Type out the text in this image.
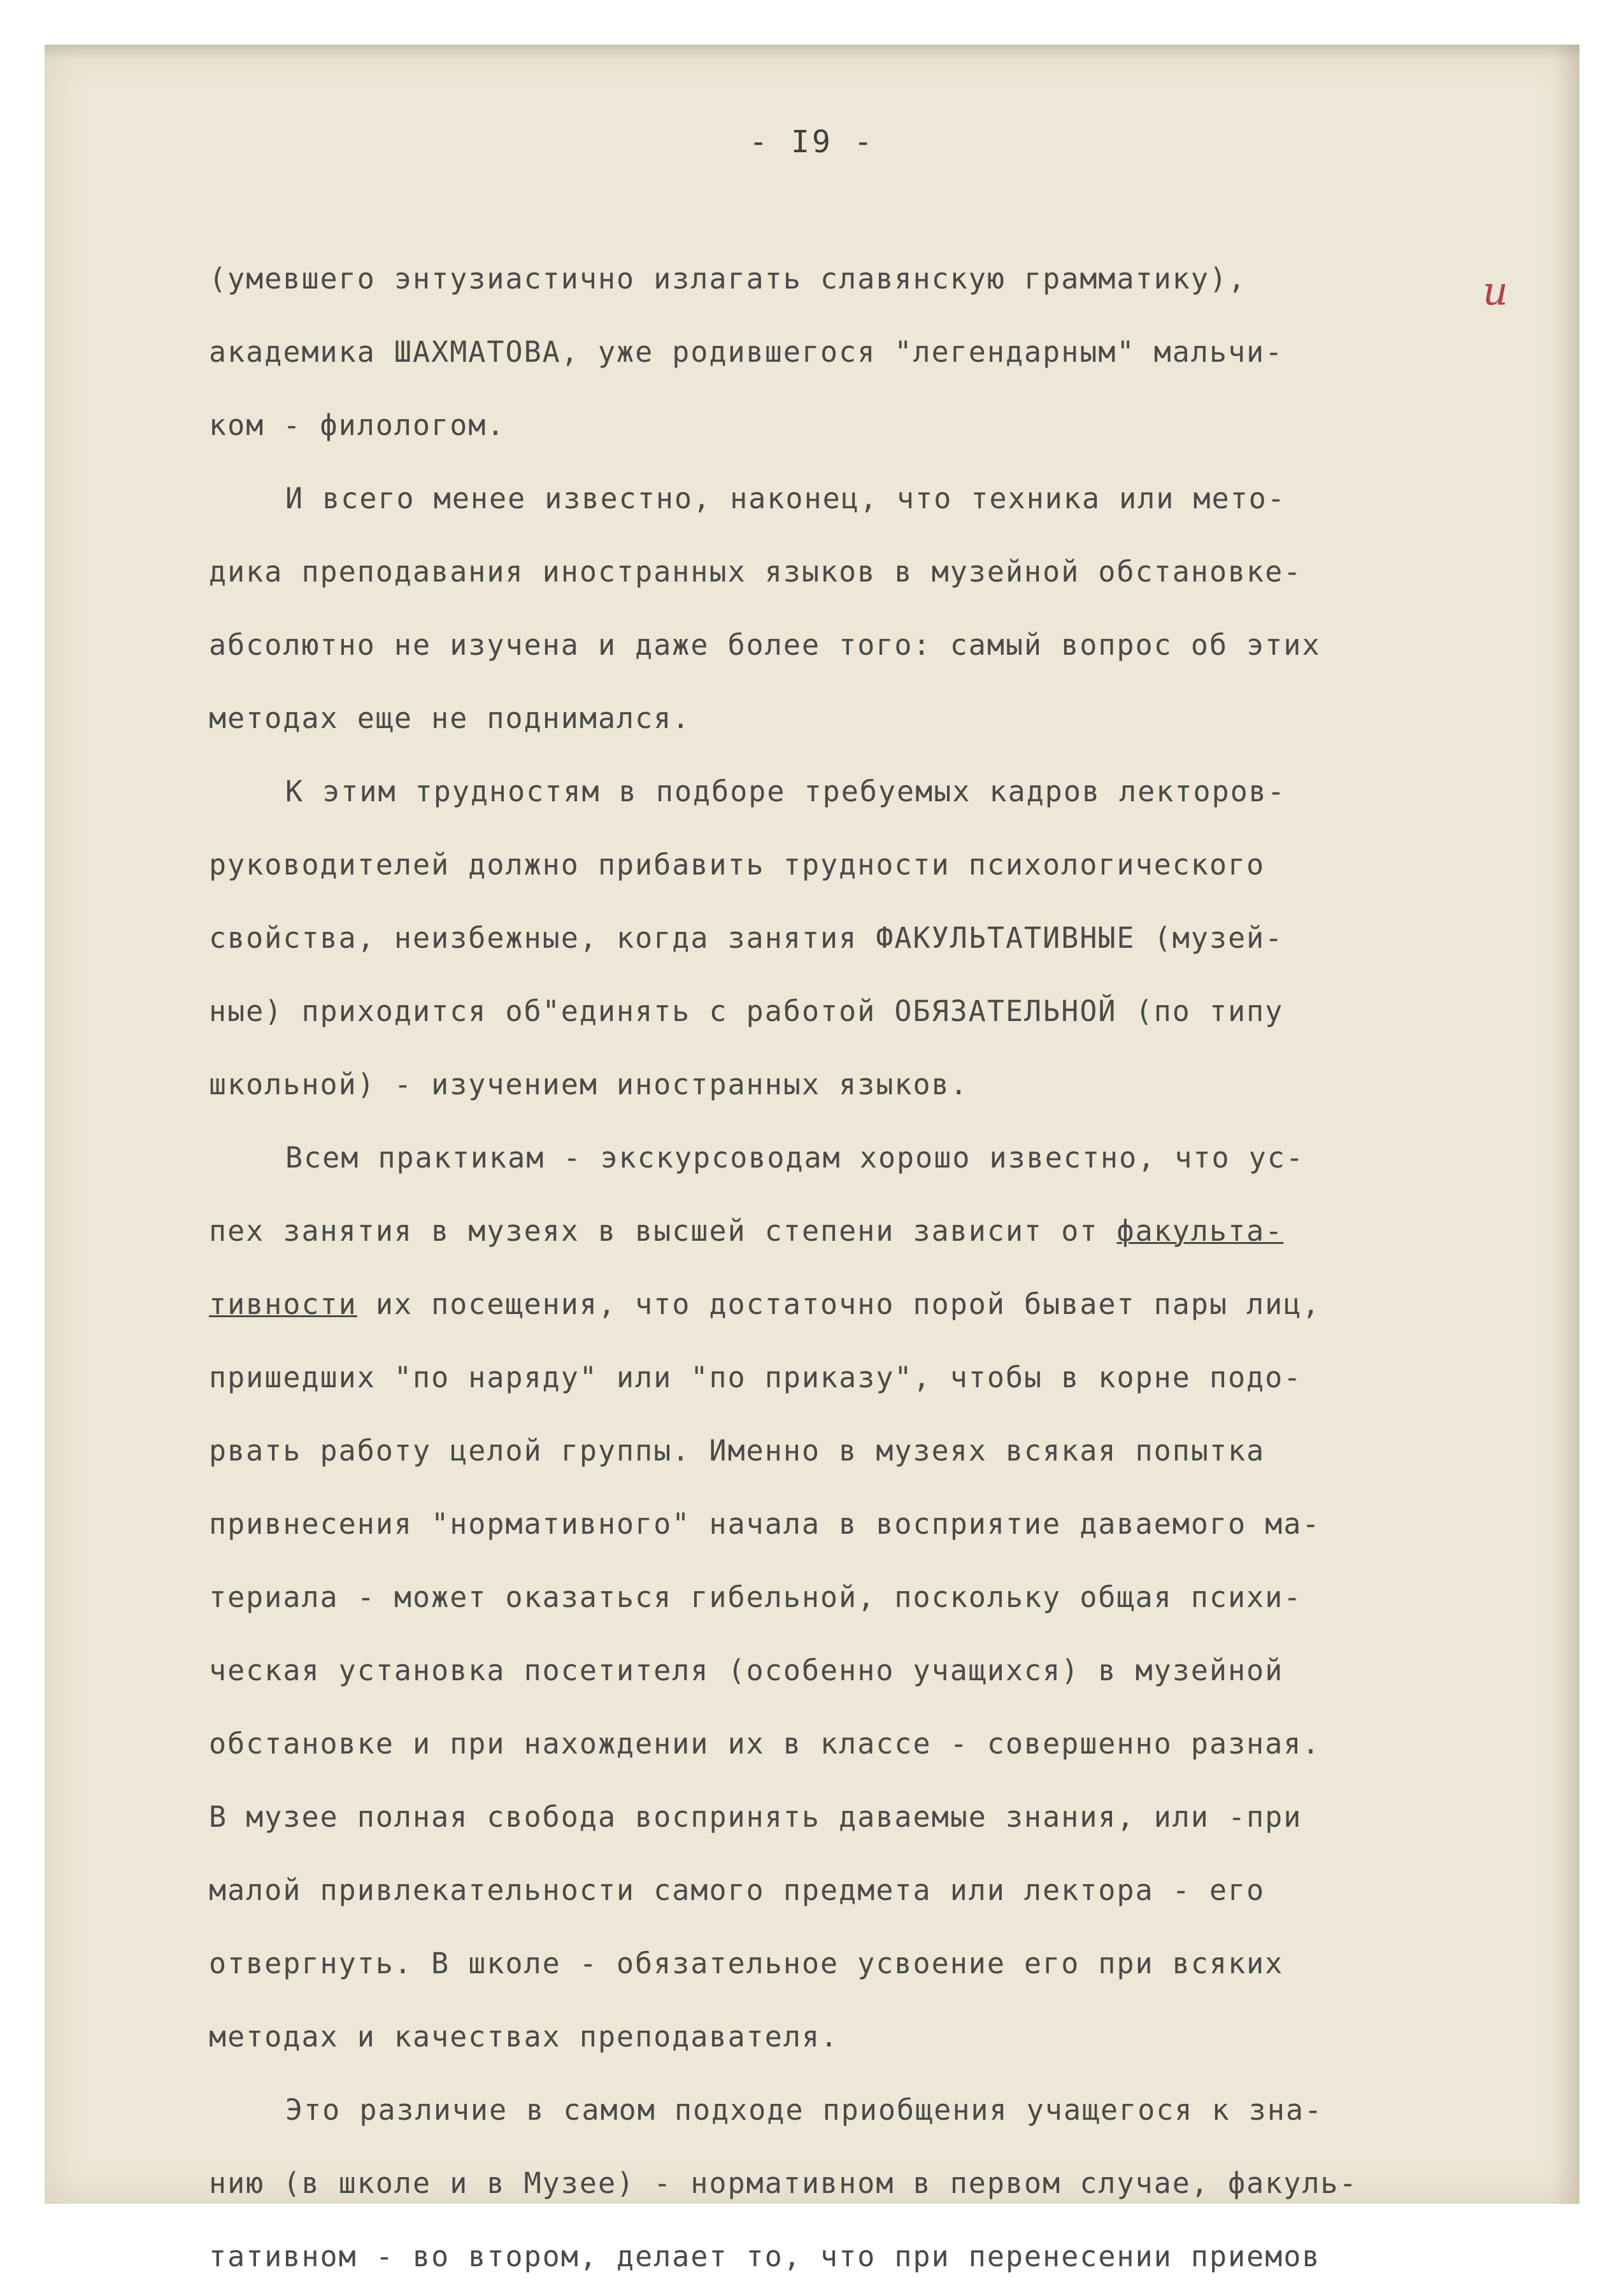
- I9 -
и
(умевшего энтузиастично излагать славянскую грамматику),
академика ШАХМАТОВА, уже родившегося "легендарным" мальчи-
ком - филологом.
И всего менее известно, наконец, что техника или мето-
дика преподавания иностранных языков в музейной обстановке-
абсолютно не изучена и даже более того: самый вопрос об этих
методах еще не поднимался.
К этим трудностям в подборе требуемых кадров лекторов-
руководителей должно прибавить трудности психологического
свойства, неизбежные, когда занятия ФАКУЛЬТАТИВНЫЕ (музей-
ные) приходится об"единять с работой ОБЯЗАТЕЛЬНОЙ (по типу
школьной) - изучением иностранных языков.
Всем практикам - экскурсоводам хорошо известно, что ус-
пех занятия в музеях в высшей степени зависит от факульта-
тивности их посещения, что достаточно порой бывает пары лиц,
пришедших "по наряду" или "по приказу", чтобы в корне подо-
рвать работу целой группы. Именно в музеях всякая попытка
привнесения "нормативного" начала в восприятие даваемого ма-
териала - может оказаться гибельной, поскольку общая психи-
ческая установка посетителя (особенно учащихся) в музейной
обстановке и при нахождении их в классе - совершенно разная.
В музее полная свобода воспринять даваемые знания, или -при
малой привлекательности самого предмета или лектора - его
отвергнуть. В школе - обязательное усвоение его при всяких
методах и качествах преподавателя.
Это различие в самом подходе приобщения учащегося к зна-
нию (в школе и в Музее) - нормативном в первом случае, факуль-
тативном - во втором, делает то, что при перенесении приемов
